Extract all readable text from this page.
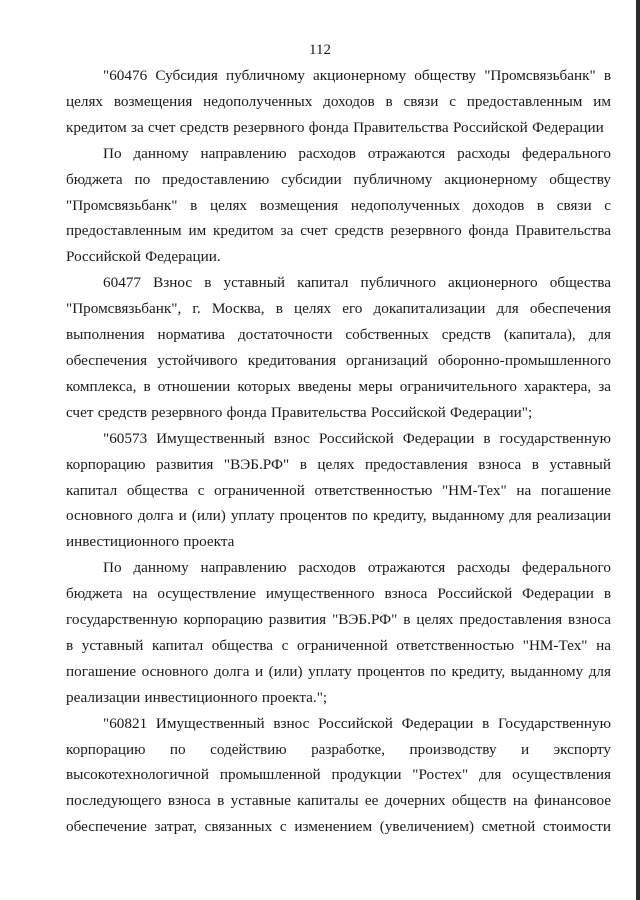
112

"60476 Субсидия публичному акционерному обществу "Промсвязьбанк" в целях возмещения недополученных доходов в связи с предоставленным им кредитом за счет средств резервного фонда Правительства Российской Федерации

По данному направлению расходов отражаются расходы федерального бюджета по предоставлению субсидии публичному акционерному обществу "Промсвязьбанк" в целях возмещения недополученных доходов в связи с предоставленным им кредитом за счет средств резервного фонда Правительства Российской Федерации.

60477 Взнос в уставный капитал публичного акционерного общества "Промсвязьбанк", г. Москва, в целях его докапитализации для обеспечения выполнения норматива достаточности собственных средств (капитала), для обеспечения устойчивого кредитования организаций оборонно-промышленного комплекса, в отношении которых введены меры ограничительного характера, за счет средств резервного фонда Правительства Российской Федерации";

"60573 Имущественный взнос Российской Федерации в государственную корпорацию развития "ВЭБ.РФ" в целях предоставления взноса в уставный капитал общества с ограниченной ответственностью "НМ-Тех" на погашение основного долга и (или) уплату процентов по кредиту, выданному для реализации инвестиционного проекта

По данному направлению расходов отражаются расходы федерального бюджета на осуществление имущественного взноса Российской Федерации в государственную корпорацию развития "ВЭБ.РФ" в целях предоставления взноса в уставный капитал общества с ограниченной ответственностью "НМ-Тех" на погашение основного долга и (или) уплату процентов по кредиту, выданному для реализации инвестиционного проекта.";

"60821 Имущественный взнос Российской Федерации в Государственную корпорацию по содействию разработке, производству и экспорту высокотехнологичной промышленной продукции "Ростех" для осуществления последующего взноса в уставные капиталы ее дочерних обществ на финансовое обеспечение затрат, связанных с изменением (увеличением) сметной стоимости
